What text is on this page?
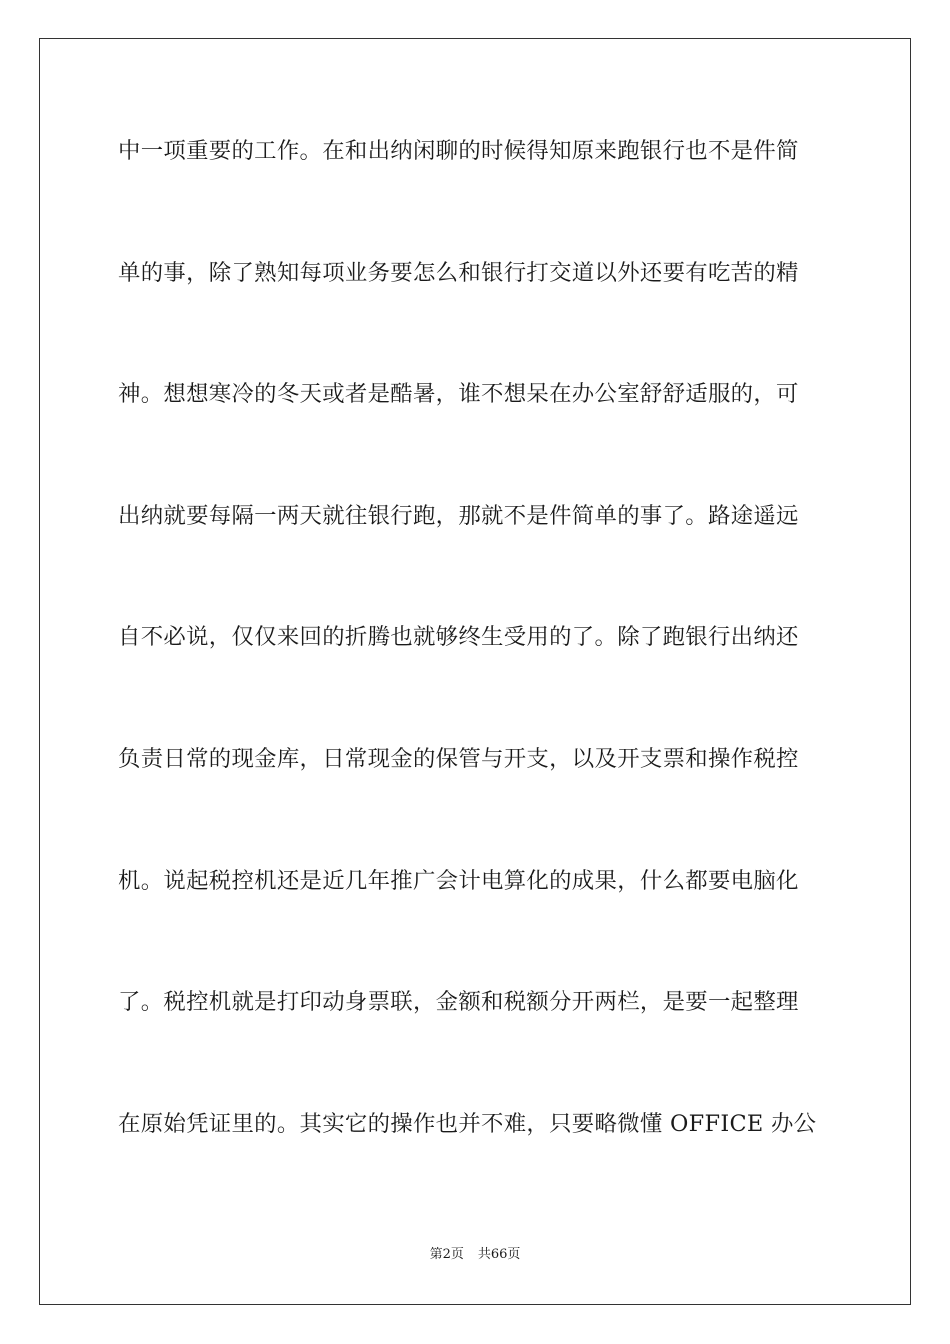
中一项重要的工作。在和出纳闲聊的时候得知原来跑银行也不是件简
单的事，除了熟知每项业务要怎么和银行打交道以外还要有吃苦的精
神。想想寒冷的冬天或者是酷暑，谁不想呆在办公室舒舒适服的，可
出纳就要每隔一两天就往银行跑，那就不是件简单的事了。路途遥远
自不必说，仅仅来回的折腾也就够终生受用的了。除了跑银行出纳还
负责日常的现金库，日常现金的保管与开支，以及开支票和操作税控
机。说起税控机还是近几年推广会计电算化的成果，什么都要电脑化
了。税控机就是打印动身票联，金额和税额分开两栏，是要一起整理
在原始凭证里的。其实它的操作也并不难，只要略微懂 OFFICE 办公
第2页 共66页
